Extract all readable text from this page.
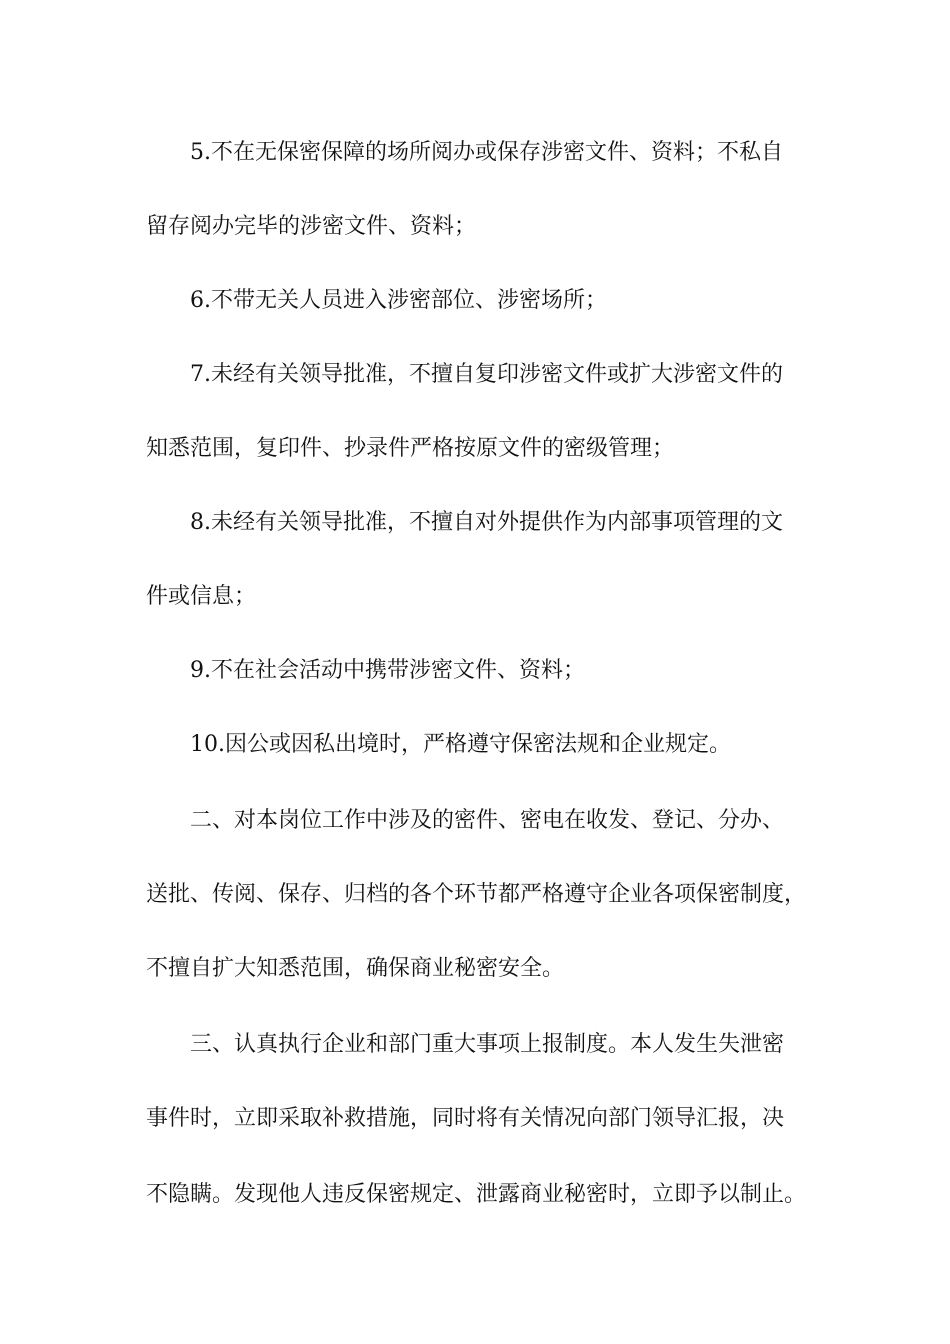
5.不在无保密保障的场所阅办或保存涉密文件、资料；不私自
留存阅办完毕的涉密文件、资料；
6.不带无关人员进入涉密部位、涉密场所；
7.未经有关领导批准，不擅自复印涉密文件或扩大涉密文件的
知悉范围，复印件、抄录件严格按原文件的密级管理；
8.未经有关领导批准，不擅自对外提供作为内部事项管理的文
件或信息；
9.不在社会活动中携带涉密文件、资料；
10.因公或因私出境时，严格遵守保密法规和企业规定。
二、对本岗位工作中涉及的密件、密电在收发、登记、分办、
送批、传阅、保存、归档的各个环节都严格遵守企业各项保密制度，
不擅自扩大知悉范围，确保商业秘密安全。
三、认真执行企业和部门重大事项上报制度。本人发生失泄密
事件时，立即采取补救措施，同时将有关情况向部门领导汇报，决
不隐瞒。发现他人违反保密规定、泄露商业秘密时，立即予以制止。
